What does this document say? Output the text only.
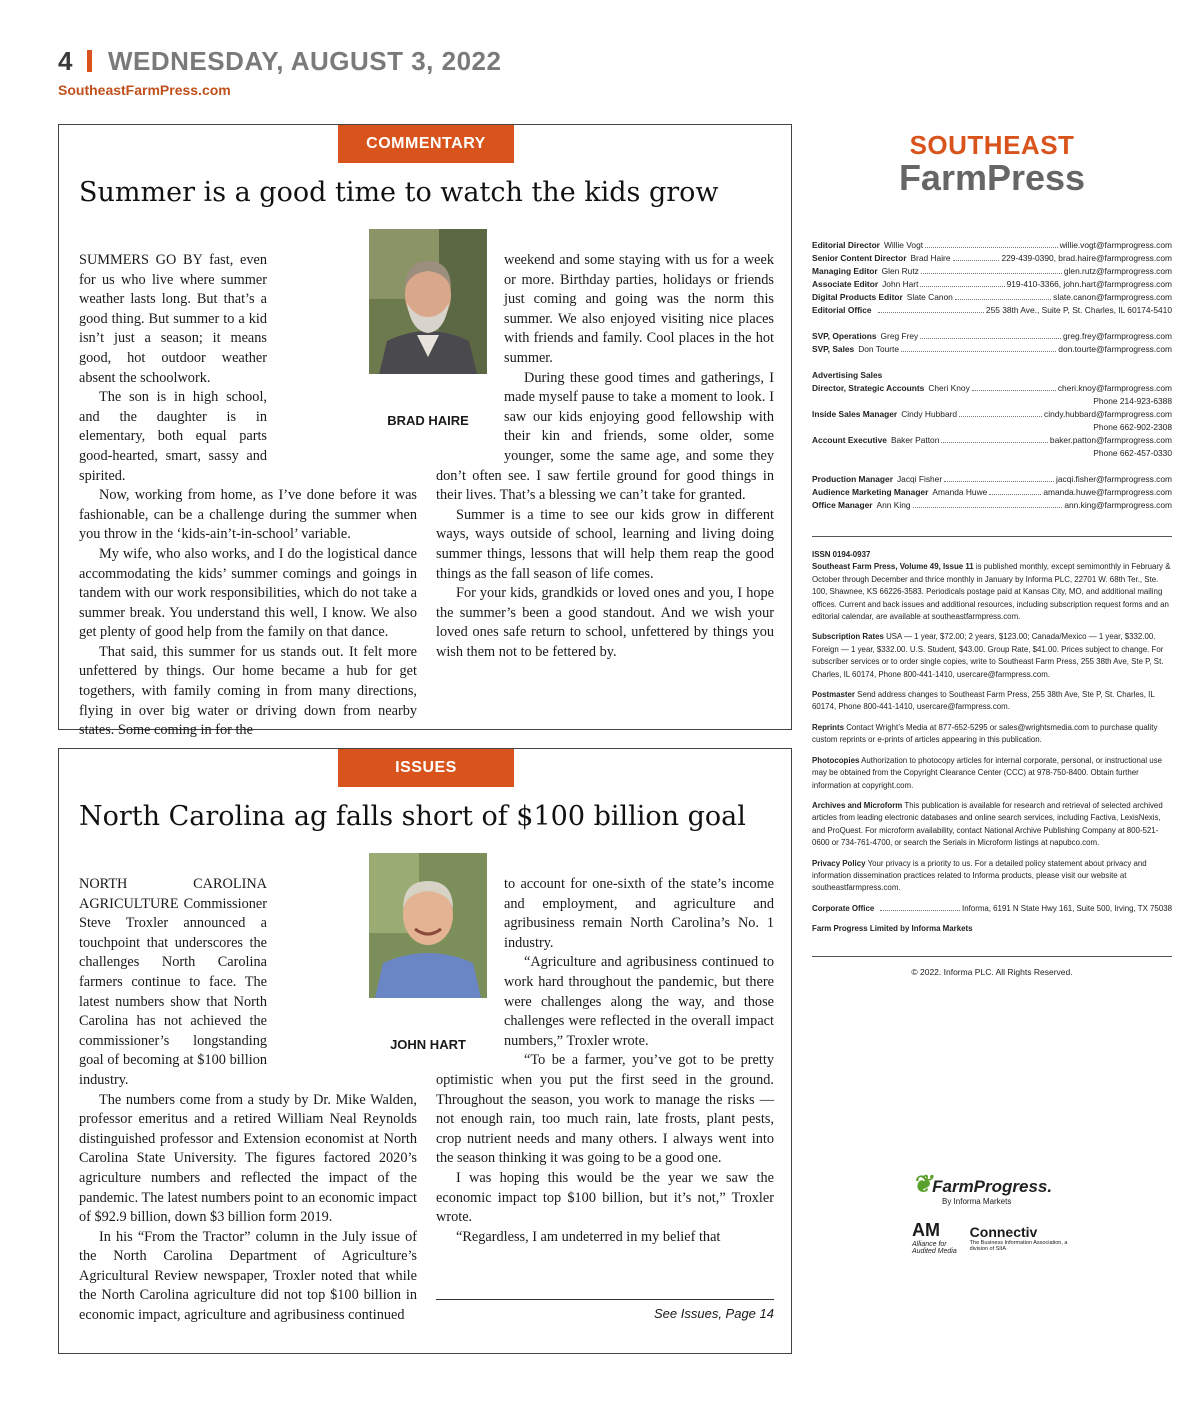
4 WEDNESDAY, AUGUST 3, 2022
SoutheastFarmPress.com
COMMENTARY
Summer is a good time to watch the kids grow
BRAD HAIRE

SUMMERS GO BY fast, even for us who live where summer weather lasts long. But that’s a good thing. But summer to a kid isn’t just a season; it means good, hot outdoor weather absent the schoolwork.

The son is in high school, and the daughter is in elementary, both equal parts good-hearted, smart, sassy and spirited.

Now, working from home, as I’ve done before it was fashionable, can be a challenge during the summer when you throw in the ‘kids-ain’t-in-school’ variable.

My wife, who also works, and I do the logistical dance accommodating the kids’ summer comings and goings in tandem with our work responsibilities, which do not take a summer break. You understand this well, I know. We also get plenty of good help from the family on that dance.

That said, this summer for us stands out. It felt more unfettered by things. Our home became a hub for get togethers, with family coming in from many directions, flying in over big water or driving down from nearby states. Some coming in for the

weekend and some staying with us for a week or more. Birthday parties, holidays or friends just coming and going was the norm this summer. We also enjoyed visiting nice places with friends and family. Cool places in the hot summer.

During these good times and gatherings, I made myself pause to take a moment to look. I saw our kids enjoying good fellowship with their kin and friends, some older, some younger, some the same age, and some they don’t often see. I saw fertile ground for good things in their lives. That’s a blessing we can’t take for granted.

Summer is a time to see our kids grow in different ways, ways outside of school, learning and living doing summer things, lessons that will help them reap the good things as the fall season of life comes.

For your kids, grandkids or loved ones and you, I hope the summer’s been a good standout. And we wish your loved ones safe return to school, unfettered by things you wish them not to be fettered by.

ISSUES
North Carolina ag falls short of $100 billion goal
JOHN HART

NORTH CAROLINA AGRICULTURE Commissioner Steve Troxler announced a touchpoint that underscores the challenges North Carolina farmers continue to face. The latest numbers show that North Carolina has not achieved the commissioner’s longstanding goal of becoming at $100 billion industry.

The numbers come from a study by Dr. Mike Walden, professor emeritus and a retired William Neal Reynolds distinguished professor and Extension economist at North Carolina State University. The figures factored 2020’s agriculture numbers and reflected the impact of the pandemic. The latest numbers point to an economic impact of $92.9 billion, down $3 billion form 2019.

In his “From the Tractor” column in the July issue of the North Carolina Department of Agriculture’s Agricultural Review newspaper, Troxler noted that while the North Carolina agriculture did not top $100 billion in economic impact, agriculture and agribusiness continued

to account for one-sixth of the state’s income and employment, and agriculture and agribusiness remain North Carolina’s No. 1 industry.

“Agriculture and agribusiness continued to work hard throughout the pandemic, but there were challenges along the way, and those challenges were reflected in the overall impact numbers,” Troxler wrote.

“To be a farmer, you’ve got to be pretty optimistic when you put the first seed in the ground. Throughout the season, you work to manage the risks — not enough rain, too much rain, late frosts, plant pests, crop nutrient needs and many others. I always went into the season thinking it was going to be a good one.

I was hoping this would be the year we saw the economic impact top $100 billion, but it’s not,” Troxler wrote.

“Regardless, I am undeterred in my belief that

See Issues, Page 14
SOUTHEAST
FarmPress
Editorial Director Willie Vogt	willie.vogt@farmprogress.com
Senior Content Director Brad Haire	229-439-0390, brad.haire@farmprogress.com
Managing Editor Glen Rutz	glen.rutz@farmprogress.com
Associate Editor John Hart	919-410-3366, john.hart@farmprogress.com
Digital Products Editor Slate Canon	slate.canon@farmprogress.com
Editorial Office	255 38th Ave., Suite P, St. Charles, IL 60174-5410
SVP, Operations Greg Frey	greg.frey@farmprogress.com
SVP, Sales Don Tourte	don.tourte@farmprogress.com
Advertising Sales
Director, Strategic Accounts Cheri Knoy	cheri.knoy@farmprogress.com
Phone 214-923-6388
Inside Sales Manager Cindy Hubbard	cindy.hubbard@farmprogress.com
Phone 662-902-2308
Account Executive Baker Patton	baker.patton@farmprogress.com
Phone 662-457-0330
Production Manager Jacqi Fisher	jacqi.fisher@farmprogress.com
Audience Marketing Manager Amanda Huwe	amanda.huwe@farmprogress.com
Office Manager Ann King	ann.king@farmprogress.com
ISSN 0194-0937
Southeast Farm Press, Volume 49, Issue 11 is published monthly, except semimonthly in February & October through December and thrice monthly in January by Informa PLC, 22701 W. 68th Ter., Ste. 100, Shawnee, KS 66226-3583. Periodicals postage paid at Kansas City, MO, and additional mailing offices. Current and back issues and additional resources, including subscription request forms and an editorial calendar, are available at southeastfarmpress.com.
Subscription Rates USA — 1 year, $72.00; 2 years, $123.00; Canada/Mexico — 1 year, $332.00. Foreign — 1 year, $332.00. U.S. Student, $43.00. Group Rate, $41.00. Prices subject to change. For subscriber services or to order single copies, write to Southeast Farm Press, 255 38th Ave, Ste P, St. Charles, IL 60174, Phone 800-441-1410, usercare@farmpress.com.
Postmaster Send address changes to Southeast Farm Press, 255 38th Ave, Ste P, St. Charles, IL 60174, Phone 800-441-1410, usercare@farmpress.com.
Reprints Contact Wright’s Media at 877-652-5295 or sales@wrightsmedia.com to purchase quality custom reprints or e-prints of articles appearing in this publication.
Photocopies Authorization to photocopy articles for internal corporate, personal, or instructional use may be obtained from the Copyright Clearance Center (CCC) at 978-750-8400. Obtain further information at copyright.com.
Archives and Microform This publication is available for research and retrieval of selected archived articles from leading electronic databases and online search services, including Factiva, LexisNexis, and ProQuest. For microform availability, contact National Archive Publishing Company at 800-521-0600 or 734-761-4700, or search the Serials in Microform listings at napubco.com.
Privacy Policy Your privacy is a priority to us. For a detailed policy statement about privacy and information dissemination practices related to Informa products, please visit our website at southeastfarmpress.com.
Corporate Office	Informa, 6191 N State Hwy 161, Suite 500, Irving, TX 75038
Farm Progress Limited by Informa Markets
© 2022. Informa PLC. All Rights Reserved.
❦FarmProgress.
By Informa Markets
AM
Alliance for Audited Media
Connectiv
The Business Information Association, a division of SIIA
